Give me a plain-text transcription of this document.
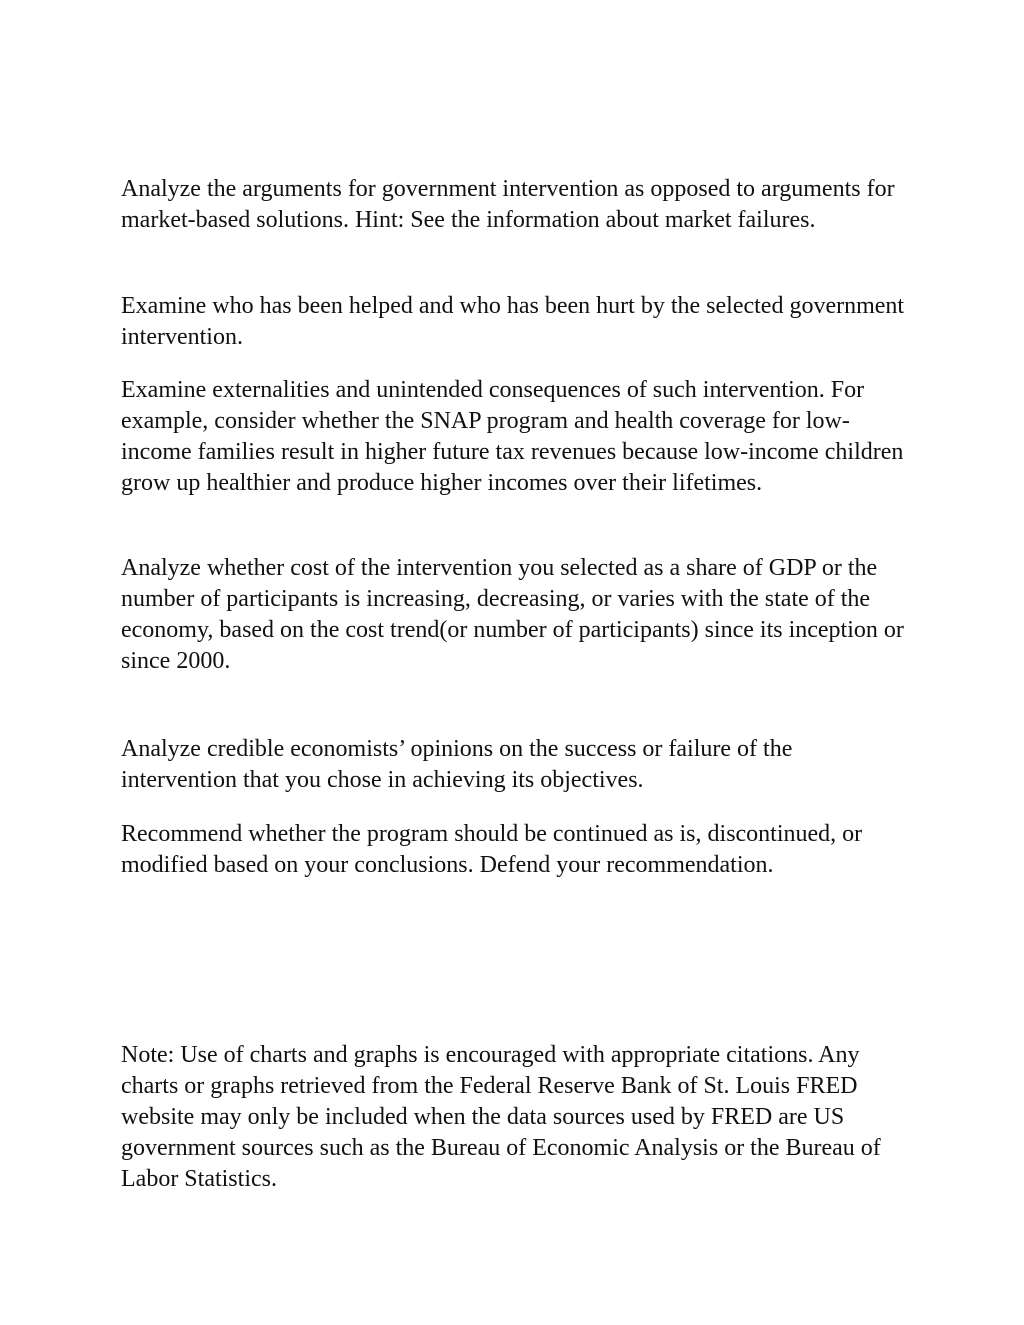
Analyze the arguments for government intervention as opposed to arguments for market-based solutions. Hint: See the information about market failures.

Examine who has been helped and who has been hurt by the selected government intervention.

Examine externalities and unintended consequences of such intervention. For example, consider whether the SNAP program and health coverage for low-income families result in higher future tax revenues because low-income children grow up healthier and produce higher incomes over their lifetimes.

Analyze whether cost of the intervention you selected as a share of GDP or the number of participants is increasing, decreasing, or varies with the state of the economy, based on the cost trend(or number of participants) since its inception or since 2000.

Analyze credible economists’ opinions on the success or failure of the intervention that you chose in achieving its objectives.

Recommend whether the program should be continued as is, discontinued, or modified based on your conclusions. Defend your recommendation.

Note: Use of charts and graphs is encouraged with appropriate citations. Any charts or graphs retrieved from the Federal Reserve Bank of St. Louis FRED website may only be included when the data sources used by FRED are US government sources such as the Bureau of Economic Analysis or the Bureau of Labor Statistics.
